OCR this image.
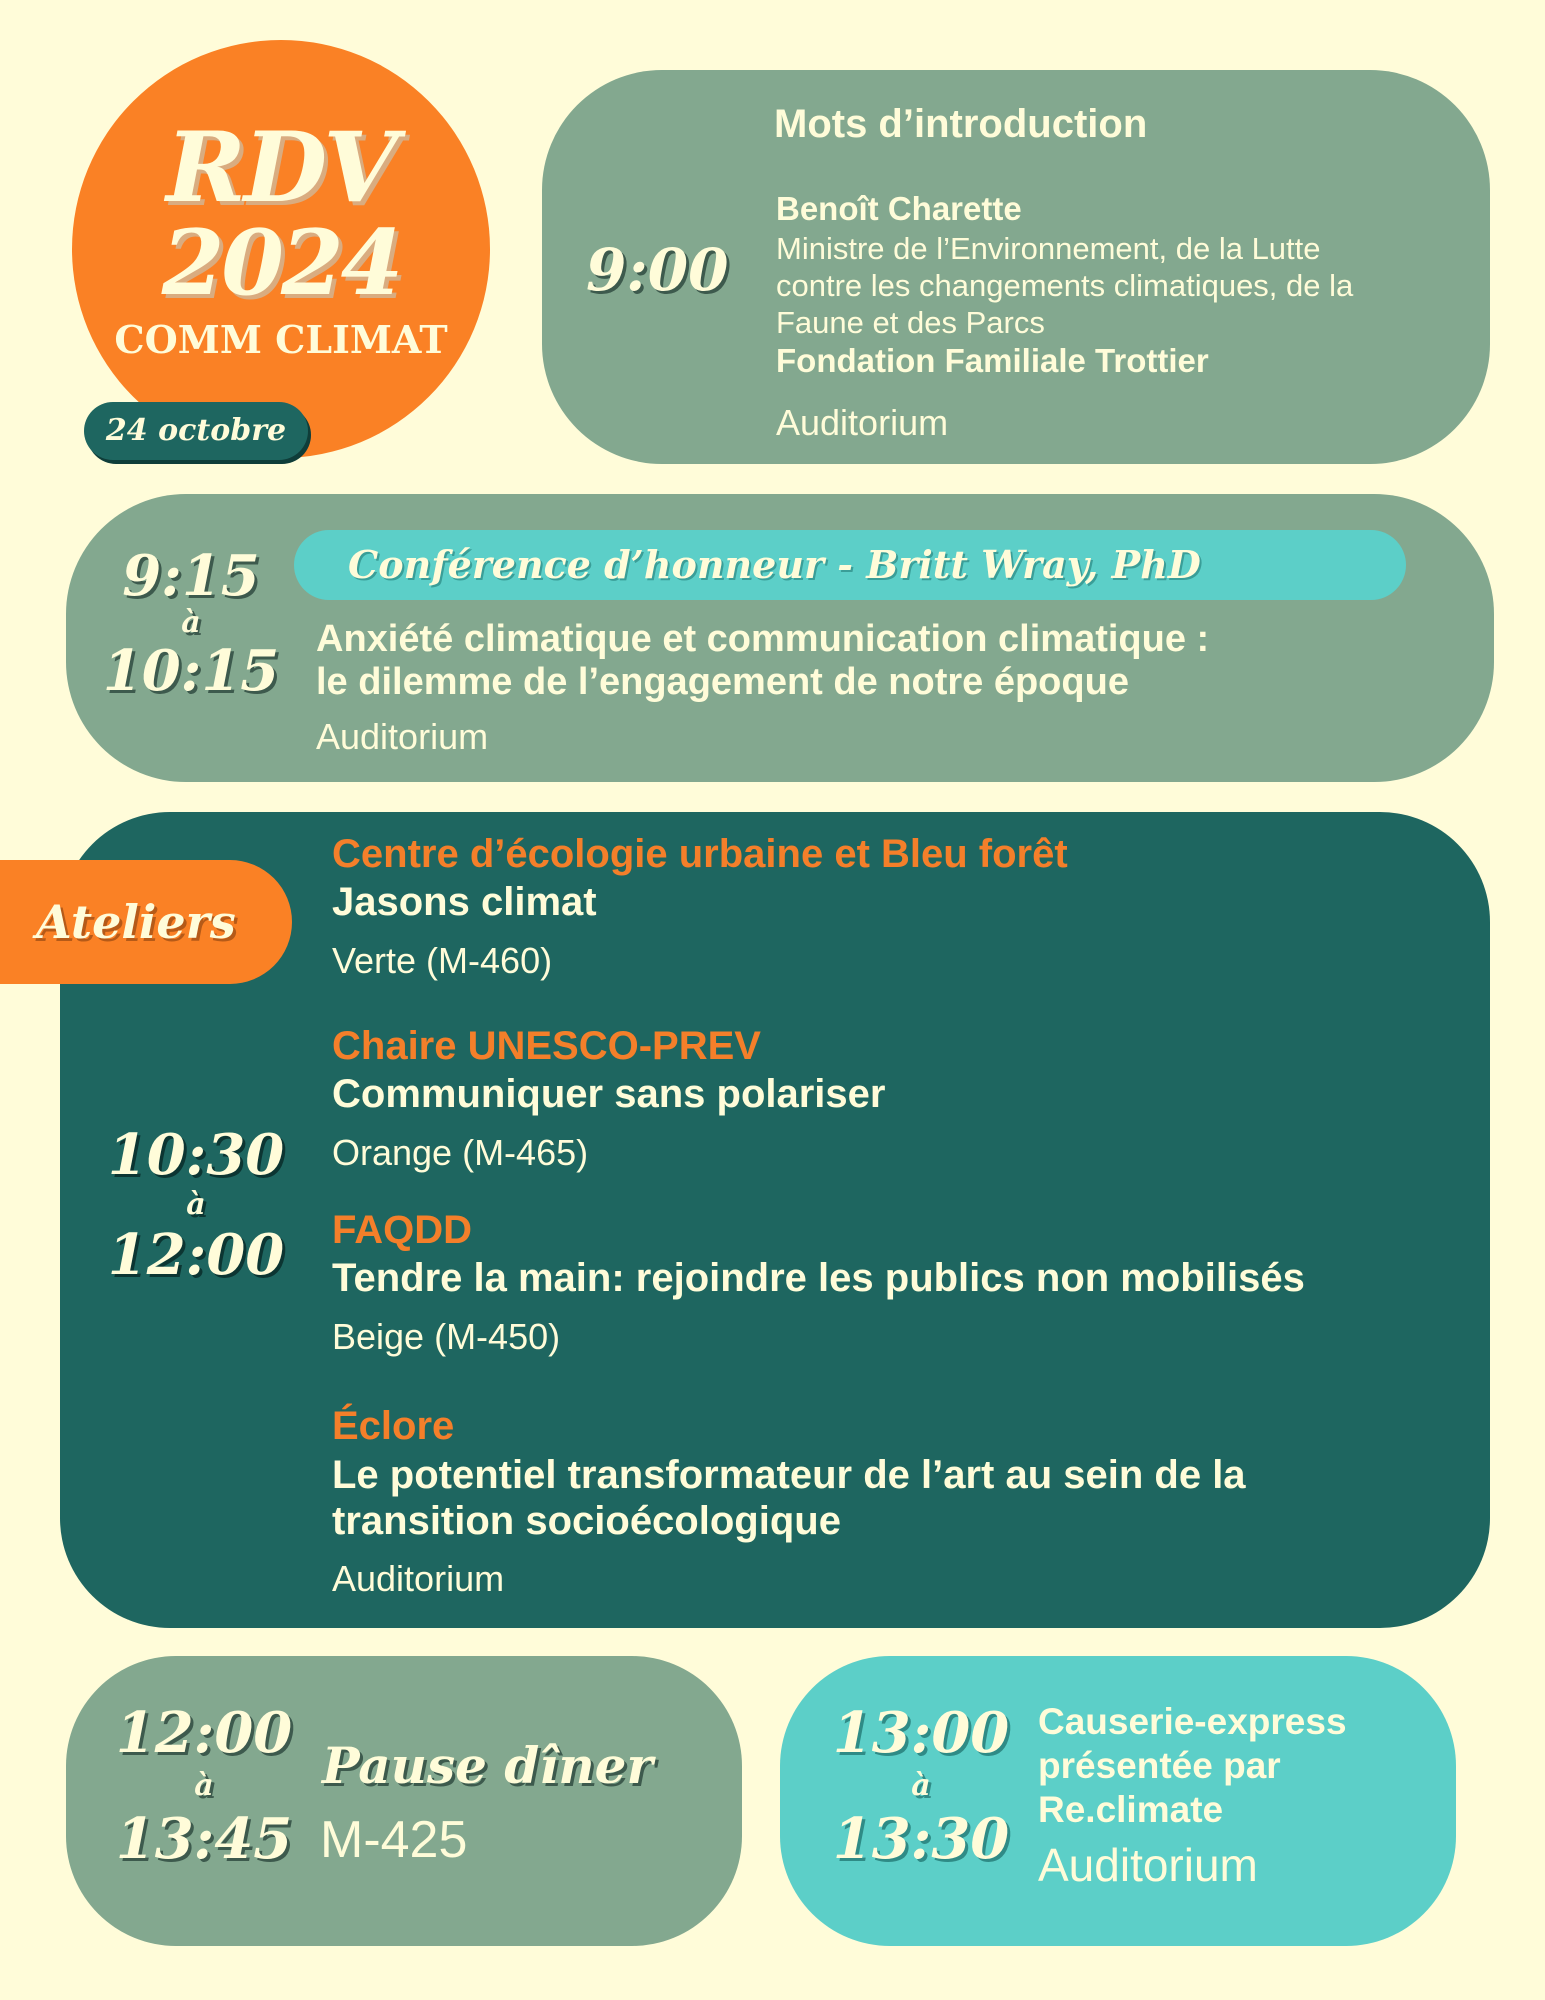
RDV
2024
COMM CLIMAT
24 octobre
Mots d’introduction
9:00
Benoît Charette
Ministre de l’Environnement, de la Lutte
contre les changements climatiques, de la
Faune et des Parcs
Fondation Familiale Trottier
Auditorium
9:15
à
10:15
Conférence d’honneur - Britt Wray, PhD
Anxiété climatique et communication climatique :
le dilemme de l’engagement de notre époque
Auditorium
10:30
à
12:00
Centre d’écologie urbaine et Bleu forêt
Jasons climat
Verte (M-460)
Chaire UNESCO-PREV
Communiquer sans polariser
Orange (M-465)
FAQDD
Tendre la main: rejoindre les publics non mobilisés
Beige (M-450)
Éclore
Le potentiel transformateur de l’art au sein de la
transition socioécologique
Auditorium
Ateliers
12:00
à
13:45
Pause dîner
M-425
13:00
à
13:30
Causerie-express
présentée par
Re.climate
Auditorium
